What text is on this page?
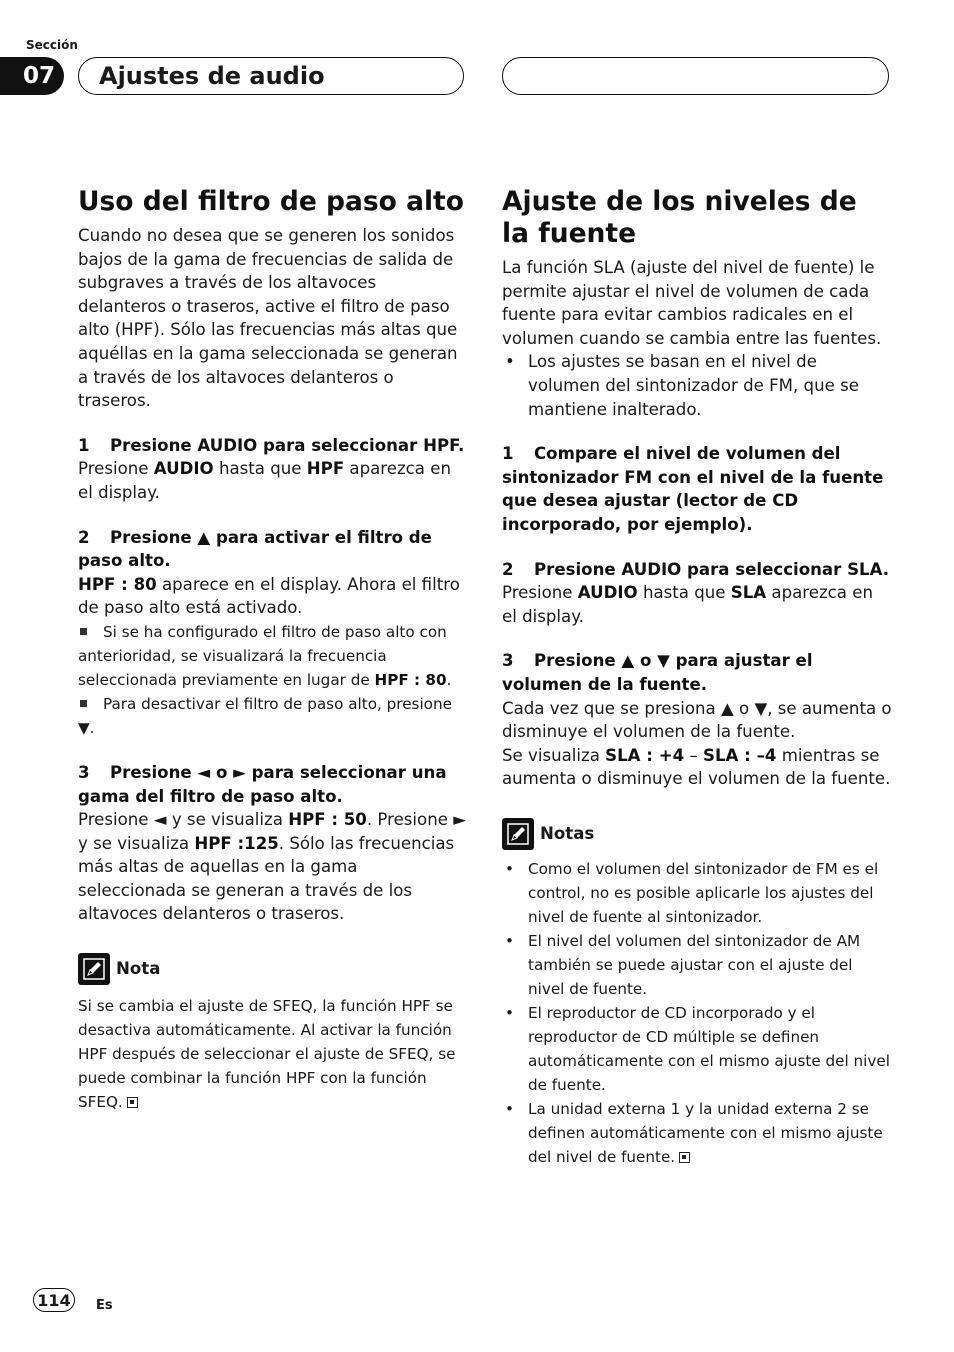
Sección
07	Ajustes de audio
Uso del filtro de paso alto

Cuando no desea que se generen los sonidos bajos de la gama de frecuencias de salida de subgraves a través de los altavoces delanteros o traseros, active el filtro de paso alto (HPF). Sólo las frecuencias más altas que aquéllas en la gama seleccionada se generan a través de los altavoces delanteros o traseros.

1 Presione AUDIO para seleccionar HPF.

Presione AUDIO hasta que HPF aparezca en el display.

2 Presione ▲ para activar el filtro de paso alto.

HPF : 80 aparece en el display. Ahora el filtro de paso alto está activado.

Si se ha configurado el filtro de paso alto con anterioridad, se visualizará la frecuencia seleccionada previamente en lugar de HPF : 80.

Para desactivar el filtro de paso alto, presione ▼.

3 Presione ◄ o ► para seleccionar una gama del filtro de paso alto.

Presione ◄ y se visualiza HPF : 50. Presione ► y se visualiza HPF :125. Sólo las frecuencias más altas de aquellas en la gama seleccionada se generan a través de los altavoces delanteros o traseros.

Nota

Si se cambia el ajuste de SFEQ, la función HPF se desactiva automáticamente. Al activar la función HPF después de seleccionar el ajuste de SFEQ, se puede combinar la función HPF con la función SFEQ.

Ajuste de los niveles de la fuente

La función SLA (ajuste del nivel de fuente) le permite ajustar el nivel de volumen de cada fuente para evitar cambios radicales en el volumen cuando se cambia entre las fuentes.

• Los ajustes se basan en el nivel de volumen del sintonizador de FM, que se mantiene inalterado.

1 Compare el nivel de volumen del sintonizador FM con el nivel de la fuente que desea ajustar (lector de CD incorporado, por ejemplo).

2 Presione AUDIO para seleccionar SLA.

Presione AUDIO hasta que SLA aparezca en el display.

3 Presione ▲ o ▼ para ajustar el volumen de la fuente.

Cada vez que se presiona ▲ o ▼, se aumenta o disminuye el volumen de la fuente.

Se visualiza SLA : +4 – SLA : –4 mientras se aumenta o disminuye el volumen de la fuente.

Notas

• Como el volumen del sintonizador de FM es el control, no es posible aplicarle los ajustes del nivel de fuente al sintonizador.

• El nivel del volumen del sintonizador de AM también se puede ajustar con el ajuste del nivel de fuente.

• El reproductor de CD incorporado y el reproductor de CD múltiple se definen automáticamente con el mismo ajuste del nivel de fuente.

• La unidad externa 1 y la unidad externa 2 se definen automáticamente con el mismo ajuste del nivel de fuente.

114	Es
